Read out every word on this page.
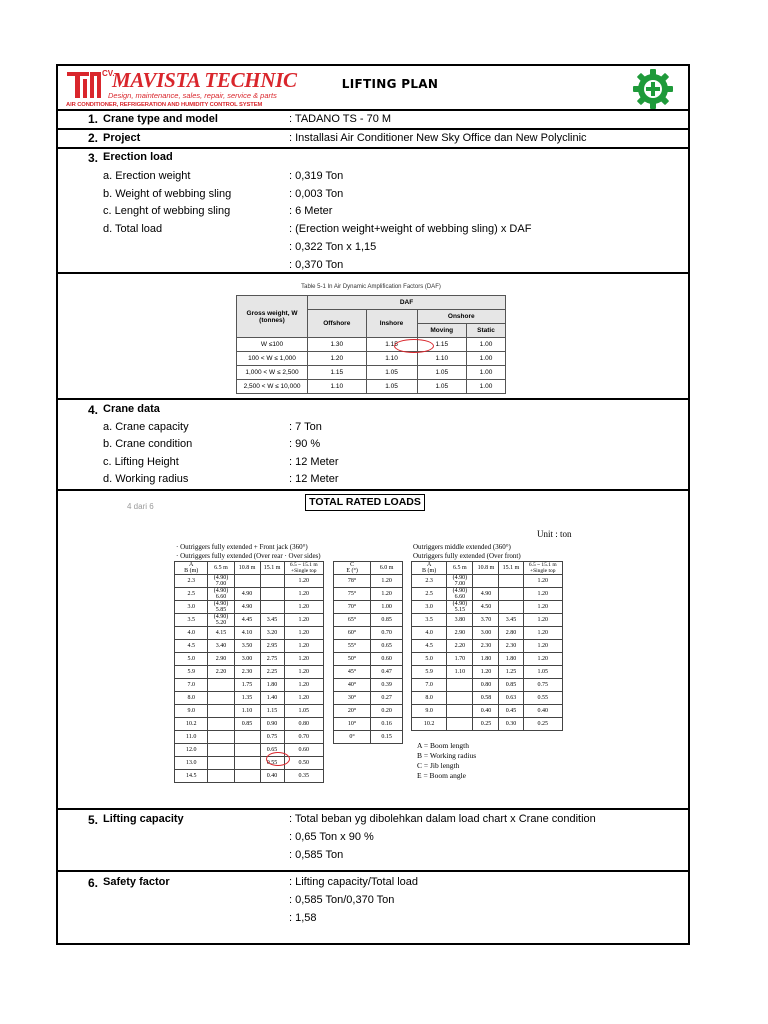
CV.
MAVISTA TECHNIC
Design, maintenance, sales, repair, service & parts
AIR CONDITIONER, REFRIGERATION AND HUMIDITY CONTROL SYSTEM
LIFTING PLAN
1. Crane type and model	: TADANO TS - 70 M
2. Project	: Installasi Air Conditioner New Sky Office dan New Polyclinic
3. Erection load
a. Erection weight	: 0,319 Ton
b. Weight of webbing sling	: 0,003 Ton
c. Lenght of webbing sling	: 6 Meter
d. Total load	: (Erection weight+weight of webbing sling) x DAF
: 0,322 Ton x 1,15
: 0,370 Ton
Table 5-1 In Air Dynamic Amplification Factors (DAF)
Gross weight, W (tonnes)	DAF			
	Offshore	Inshore	Onshore	
			Moving	Static
W ≤100	1.30	1.15	1.15	1.00
100 < W ≤ 1,000	1.20	1.10	1.10	1.00
1,000 < W ≤ 2,500	1.15	1.05	1.05	1.00
2,500 < W ≤ 10,000	1.10	1.05	1.05	1.00
4. Crane data
a. Crane capacity	: 7 Ton
b. Crane condition	: 90 %
c. Lifting Height	: 12 Meter
d. Working radius	: 12 Meter
4 dari 6	TOTAL RATED LOADS
Unit : ton
· Outriggers fully extended + Front jack (360°)
· Outriggers fully extended (Over rear · Over sides)
Outriggers middle extended (360°)
Outriggers fully extended (Over front)
A
B (m)	6.5 m	10.8 m	15.1 m	6.5 ~ 15.1 m +Single top
2.3	(4.90) 7.00			1.20
2.5	(4.90) 6.60	4.90		1.20
3.0	(4.90) 5.85	4.90		1.20
3.5	(4.90) 5.20	4.45	3.45	1.20
4.0	4.15	4.10	3.20	1.20
4.5	3.40	3.50	2.95	1.20
5.0	2.90	3.00	2.75	1.20
5.9	2.20	2.30	2.25	1.20
7.0		1.75	1.80	1.20
8.0		1.35	1.40	1.20
9.0		1.10	1.15	1.05
10.2		0.85	0.90	0.80
11.0			0.75	0.70
12.0			0.65	0.60
13.0			0.55	0.50
14.5			0.40	0.35
C
E (°)	6.0 m
78°	1.20
75°	1.20
70°	1.00
65°	0.85
60°	0.70
55°	0.65
50°	0.60
45°	0.47
40°	0.39
30°	0.27
20°	0.20
10°	0.16
0°	0.15
A
B (m)	6.5 m	10.8 m	15.1 m	6.5 ~ 15.1 m +Single top
2.3	(4.90) 7.00			1.20
2.5	(4.90) 6.60	4.90		1.20
3.0	(4.90) 5.15	4.50		1.20
3.5	3.80	3.70	3.45	1.20
4.0	2.90	3.00	2.80	1.20
4.5	2.20	2.30	2.30	1.20
5.0	1.70	1.80	1.80	1.20
5.9	1.10	1.20	1.25	1.05
7.0		0.80	0.85	0.75
8.0		0.58	0.63	0.55
9.0		0.40	0.45	0.40
10.2		0.25	0.30	0.25
A = Boom length
B = Working radius
C = Jib length
E = Boom angle
5. Lifting capacity	: Total beban yg dibolehkan dalam load chart x Crane condition
: 0,65 Ton x 90 %
: 0,585 Ton
6. Safety factor	: Lifting capacity/Total load
: 0,585 Ton/0,370 Ton
: 1,58
